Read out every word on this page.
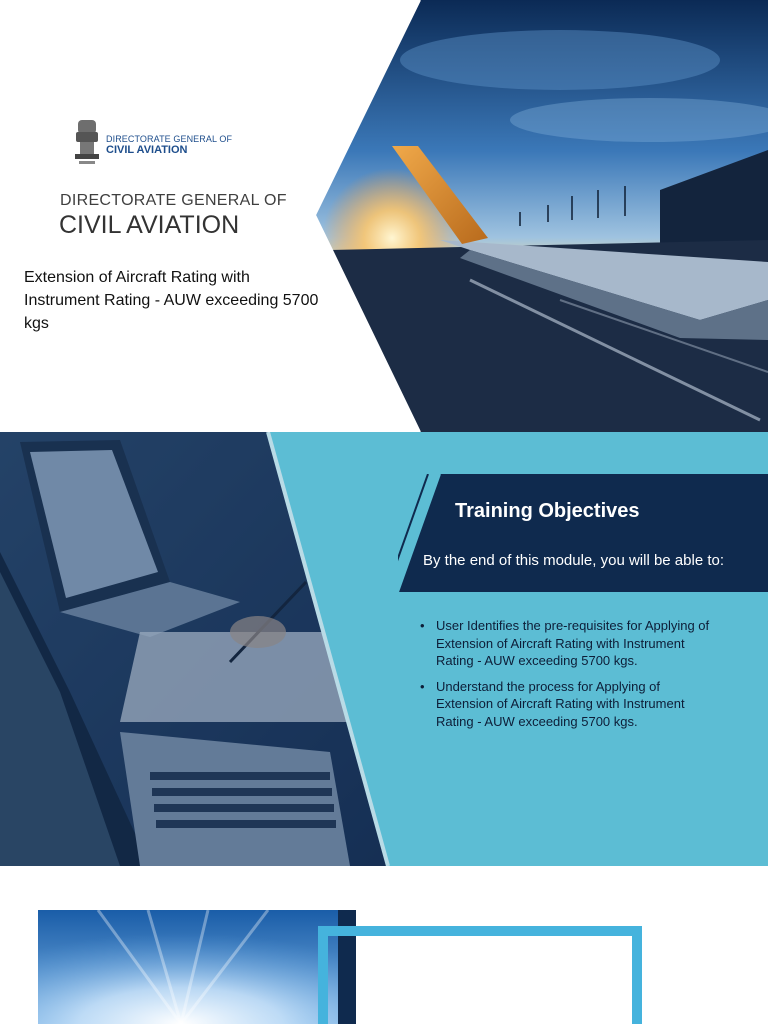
DIRECTORATE GENERAL OF
CIVIL AVIATION
DIRECTORATE GENERAL OF
CIVIL AVIATION
Extension of Aircraft Rating with Instrument Rating - AUW exceeding 5700 kgs
Training Objectives
By the end of this module, you will be able to:
• User Identifies the pre-requisites for Applying of Extension of Aircraft Rating with Instrument Rating - AUW exceeding 5700 kgs.
• Understand the process for Applying of Extension of Aircraft Rating with Instrument Rating - AUW exceeding 5700 kgs.
